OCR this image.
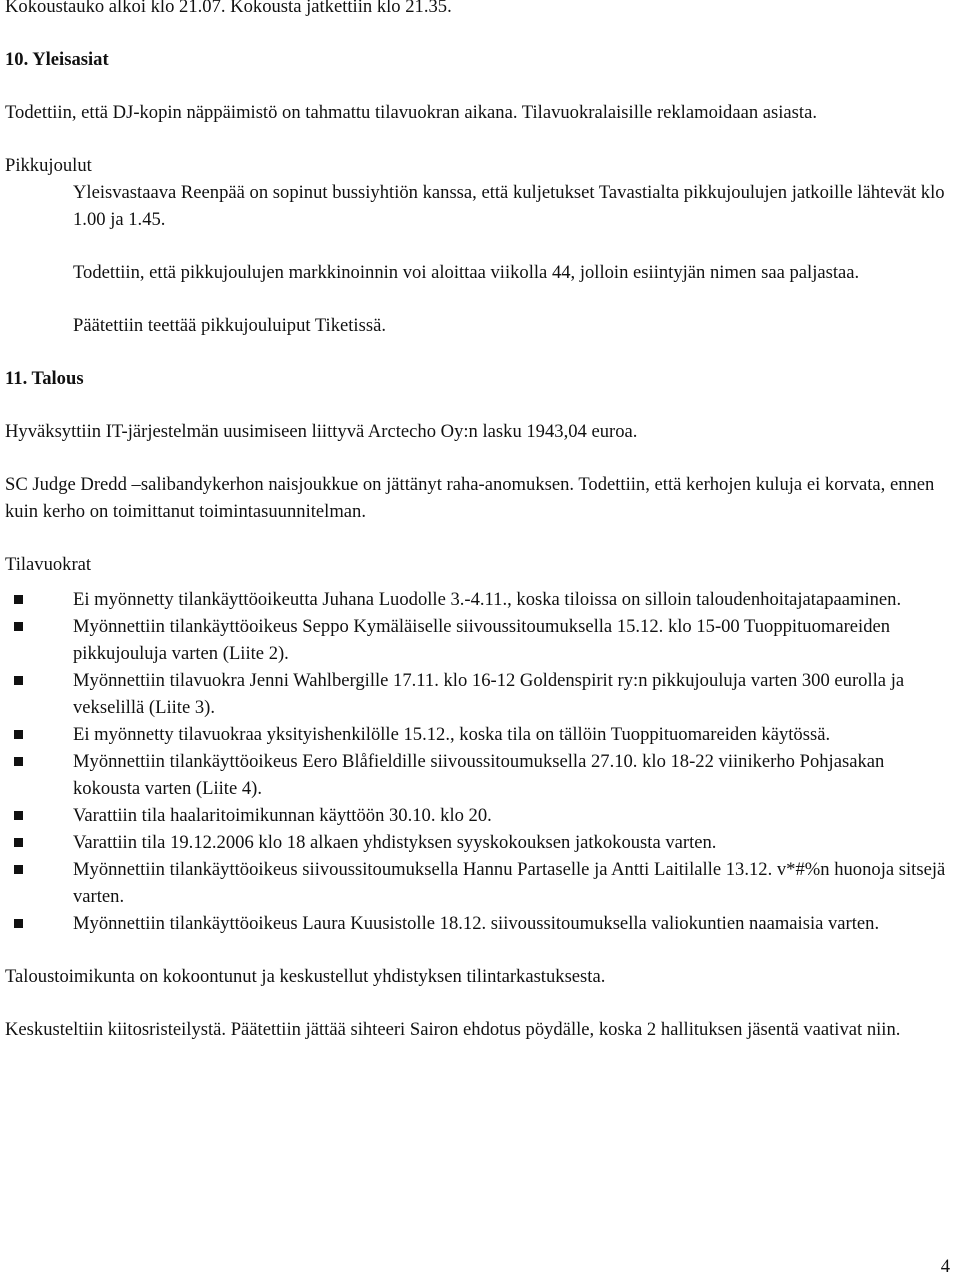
Kokoustauko alkoi klo 21.07. Kokousta jatkettiin klo 21.35.

10. Yleisasiat

Todettiin, että DJ-kopin näppäimistö on tahmattu tilavuokran aikana. Tilavuokralaisille reklamoidaan asiasta.

Pikkujoulut

Yleisvastaava Reenpää on sopinut bussiyhtiön kanssa, että kuljetukset Tavastialta pikkujoulujen jatkoille lähtevät klo 1.00 ja 1.45.

Todettiin, että pikkujoulujen markkinoinnin voi aloittaa viikolla 44, jolloin esiintyjän nimen saa paljastaa.

Päätettiin teettää pikkujouluiput Tiketissä.

11. Talous

Hyväksyttiin IT-järjestelmän uusimiseen liittyvä Arctecho Oy:n lasku 1943,04 euroa.

SC Judge Dredd –salibandykerhon naisjoukkue on jättänyt raha-anomuksen. Todettiin, että kerhojen kuluja ei korvata, ennen kuin kerho on toimittanut toimintasuunnitelman.

Tilavuokrat

Ei myönnetty tilankäyttöoikeutta Juhana Luodolle 3.-4.11., koska tiloissa on silloin taloudenhoitajatapaaminen.
Myönnettiin tilankäyttöoikeus Seppo Kymäläiselle siivoussitoumuksella 15.12. klo 15-00 Tuoppituomareiden pikkujouluja varten (Liite 2).
Myönnettiin tilavuokra Jenni Wahlbergille 17.11. klo 16-12 Goldenspirit ry:n pikkujoulujа varten 300 eurolla ja vekselillä (Liite 3).
Ei myönnetty tilavuokraa yksityishenkilölle 15.12., koska tila on tällöin Tuoppituomareiden käytössä.
Myönnettiin tilankäyttöoikeus Eero Blåfieldille siivoussitoumuksella 27.10. klo 18-22 viinikerho Pohjasakan kokousta varten (Liite 4).
Varattiin tila haalaritoimikunnan käyttöön 30.10. klo 20.
Varattiin tila 19.12.2006 klo 18 alkaen yhdistyksen syyskokouksen jatkokousta varten.
Myönnettiin tilankäyttöoikeus siivoussitoumuksella Hannu Partaselle ja Antti Laitilalle 13.12. v*#%n huonoja sitsejä varten.
Myönnettiin tilankäyttöoikeus Laura Kuusistolle 18.12. siivoussitoumuksella valiokuntien naamaisia varten.

Taloustoimikunta on kokoontunut ja keskustellut yhdistyksen tilintarkastuksesta.

Keskusteltiin kiitosristeilystä. Päätettiin jättää sihteeri Sairon ehdotus pöydälle, koska 2 hallituksen jäsentä vaativat niin.

4
